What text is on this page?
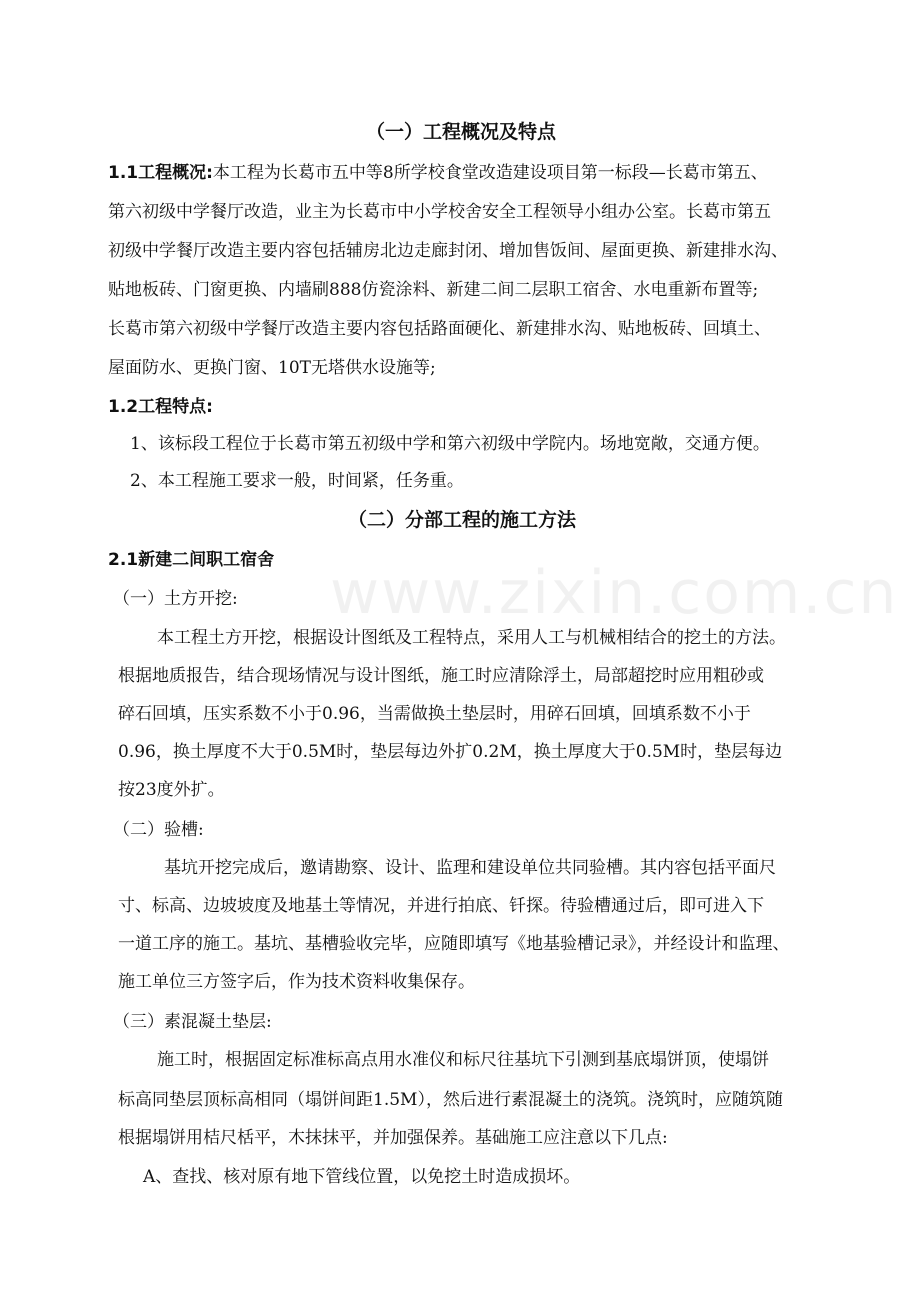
www.zixin.com.cn
（一）工程概况及特点
1.1工程概况:本工程为长葛市五中等8所学校食堂改造建设项目第一标段—长葛市第五、
第六初级中学餐厅改造，业主为长葛市中小学校舍安全工程领导小组办公室。长葛市第五
初级中学餐厅改造主要内容包括辅房北边走廊封闭、增加售饭间、屋面更换、新建排水沟、
贴地板砖、门窗更换、内墙刷888仿瓷涂料、新建二间二层职工宿舍、水电重新布置等;
长葛市第六初级中学餐厅改造主要内容包括路面硬化、新建排水沟、贴地板砖、回填土、
屋面防水、更换门窗、10T无塔供水设施等;
1.2工程特点:
1、该标段工程位于长葛市第五初级中学和第六初级中学院内。场地宽敞，交通方便。
2、本工程施工要求一般，时间紧，任务重。
（二）分部工程的施工方法
2.1新建二间职工宿舍
（一）土方开挖:
本工程土方开挖，根据设计图纸及工程特点，采用人工与机械相结合的挖土的方法。
根据地质报告，结合现场情况与设计图纸，施工时应清除浮土，局部超挖时应用粗砂或
碎石回填，压实系数不小于0.96，当需做换土垫层时，用碎石回填，回填系数不小于
0.96，换土厚度不大于0.5M时，垫层每边外扩0.2M，换土厚度大于0.5M时，垫层每边
按23度外扩。
（二）验槽:
基坑开挖完成后，邀请勘察、设计、监理和建设单位共同验槽。其内容包括平面尺
寸、标高、边坡坡度及地基土等情况，并进行拍底、钎探。待验槽通过后，即可进入下
一道工序的施工。基坑、基槽验收完毕，应随即填写《地基验槽记录》，并经设计和监理、
施工单位三方签字后，作为技术资料收集保存。
（三）素混凝土垫层:
施工时，根据固定标准标高点用水准仪和标尺往基坑下引测到基底塌饼顶，使塌饼
标高同垫层顶标高相同（塌饼间距1.5M），然后进行素混凝土的浇筑。浇筑时，应随筑随
根据塌饼用桔尺栝平，木抹抹平，并加强保养。基础施工应注意以下几点:
A、查找、核对原有地下管线位置，以免挖土时造成损坏。
